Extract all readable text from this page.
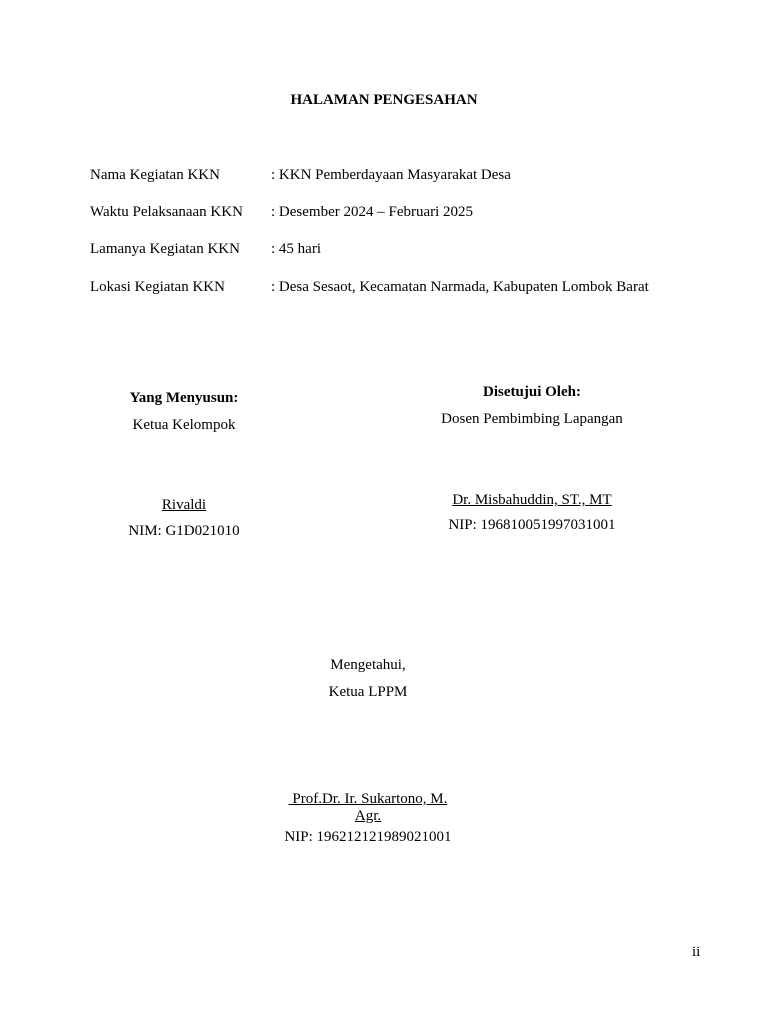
HALAMAN PENGESAHAN
Nama Kegiatan KKN	: KKN Pemberdayaan Masyarakat Desa
Waktu Pelaksanaan KKN : Desember 2024 – Februari 2025
Lamanya Kegiatan KKN : 45 hari
Lokasi Kegiatan KKN	: Desa Sesaot, Kecamatan Narmada, Kabupaten Lombok Barat
Yang Menyusun:
Ketua Kelompok
Rivaldi
NIM: G1D021010
Disetujui Oleh:
Dosen Pembimbing Lapangan
Dr. Misbahuddin, ST., MT
NIP: 196810051997031001
Mengetahui,
Ketua LPPM
Prof.Dr. Ir. Sukartono, M.
Agr.
NIP: 196212121989021001
ii
